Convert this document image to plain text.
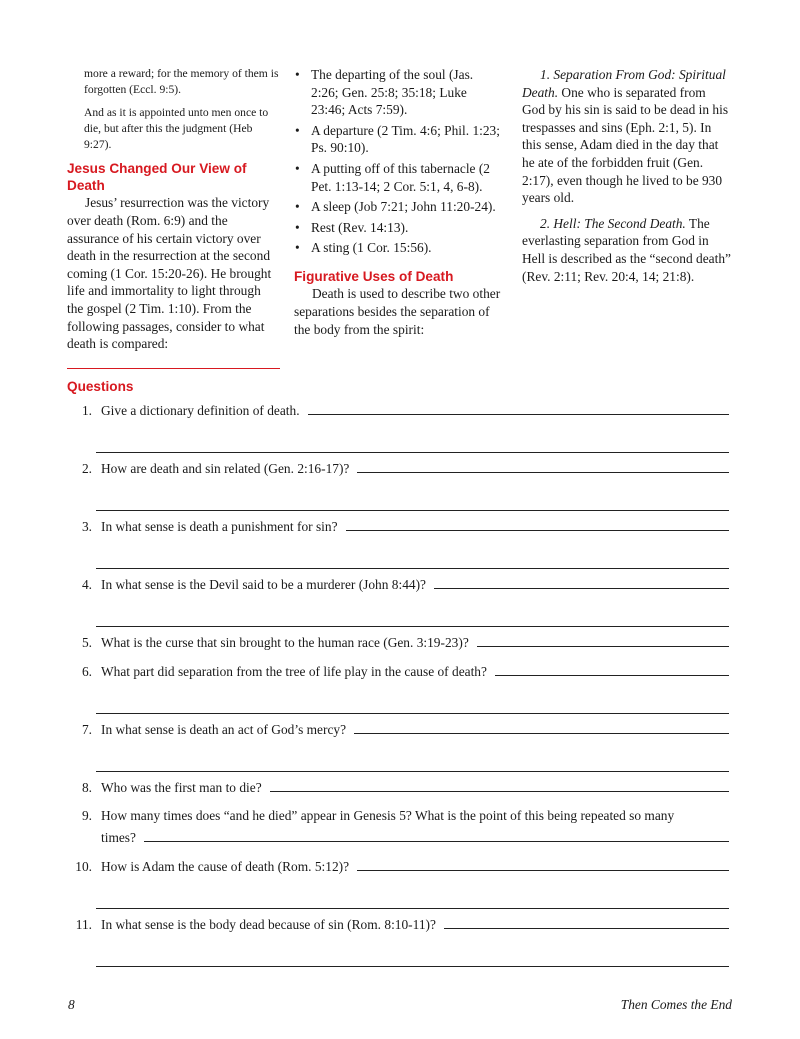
more a reward; for the memory of them is forgotten (Eccl. 9:5).

And as it is appointed unto men once to die, but after this the judgment (Heb 9:27).

Jesus Changed Our View of Death

Jesus’ resurrection was the victory over death (Rom. 6:9) and the assurance of his certain victory over death in the resurrection at the second coming (1 Cor. 15:20-26). He brought life and immortality to light through the gospel (2 Tim. 1:10). From the following passages, consider to what death is compared:

• The departing of the soul (Jas. 2:26; Gen. 25:8; 35:18; Luke 23:46; Acts 7:59).
• A departure (2 Tim. 4:6; Phil. 1:23; Ps. 90:10).
• A putting off of this tabernacle (2 Pet. 1:13-14; 2 Cor. 5:1, 4, 6-8).
• A sleep (Job 7:21; John 11:20-24).
• Rest (Rev. 14:13).
• A sting (1 Cor. 15:56).
Figurative Uses of Death

Death is used to describe two other separations besides the separation of the body from the spirit:

1. Separation From God: Spiritual Death. One who is separated from God by his sin is said to be dead in his trespasses and sins (Eph. 2:1, 5). In this sense, Adam died in the day that he ate of the forbidden fruit (Gen. 2:17), even though he lived to be 930 years old.

2. Hell: The Second Death. The everlasting separation from God in Hell is described as the “second death” (Rev. 2:11; Rev. 20:4, 14; 21:8).

Questions
1. Give a dictionary definition of death.
2. How are death and sin related (Gen. 2:16-17)?
3. In what sense is death a punishment for sin?
4. In what sense is the Devil said to be a murderer (John 8:44)?
5. What is the curse that sin brought to the human race (Gen. 3:19-23)?
6. What part did separation from the tree of life play in the cause of death?
7. In what sense is death an act of God’s mercy?
8. Who was the first man to die?
9. How many times does “and he died” appear in Genesis 5? What is the point of this being repeated so many
times?
10. How is Adam the cause of death (Rom. 5:12)?
11. In what sense is the body dead because of sin (Rom. 8:10-11)?
8	Then Comes the End
